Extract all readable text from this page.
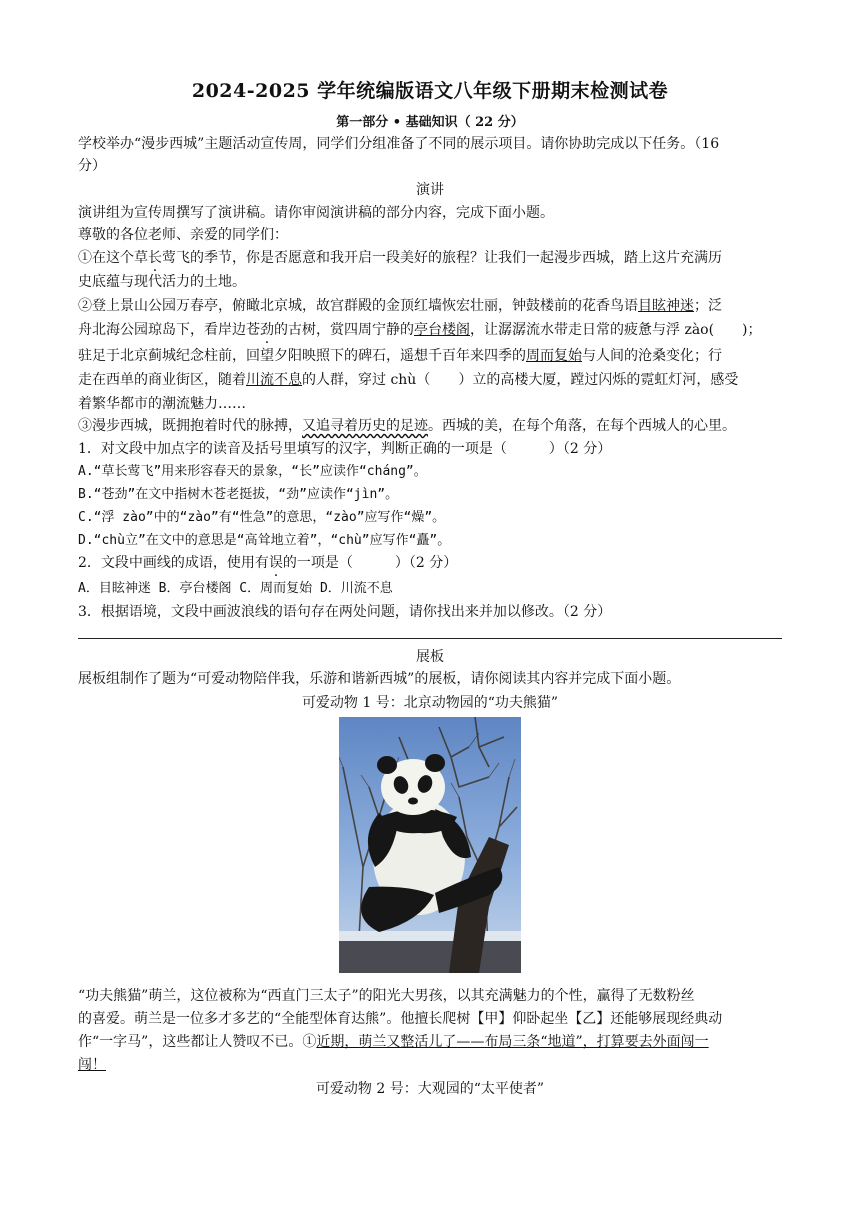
2024-2025 学年统编版语文八年级下册期末检测试卷
第一部分 • 基础知识（ 22 分）
学校举办“漫步西城”主题活动宣传周，同学们分组准备了不同的展示项目。请你协助完成以下任务。（16
分）
演讲
演讲组为宣传周撰写了演讲稿。请你审阅演讲稿的部分内容，完成下面小题。
尊敬的各位老师、亲爱的同学们：
①在这个草长莺飞的季节，你是否愿意和我开启一段美好的旅程？让我们一起漫步西城，踏上这片充满历
史底蕴与现代活力的土地。
②登上景山公园万春亭，俯瞰北京城，故宫群殿的金顶红墙恢宏壮丽，钟鼓楼前的花香鸟语目眩神迷；泛
舟北海公园琼岛下，看岸边苍劲的古树，赏四周宁静的亭台楼阁，让潺潺流水带走日常的疲惫与浮 zào(　　)；
驻足于北京蓟城纪念柱前，回望夕阳映照下的碑石，遥想千百年来四季的周而复始与人间的沧桑变化；行
走在西单的商业街区，随着川流不息的人群，穿过 chù（　　）立的高楼大厦，蹚过闪烁的霓虹灯河，感受
着繁华都市的潮流魅力……
③漫步西城，既拥抱着时代的脉搏，又追寻着历史的足迹。西城的美，在每个角落，在每个西城人的心里。
1．对文段中加点字的读音及括号里填写的汉字，判断正确的一项是（　　　）（2 分）
A.“草长莺飞”用来形容春天的景象，“长”应读作“cháng”。
B.“苍劲”在文中指树木苍老挺拔，“劲”应读作“jìn”。
C.“浮 zào”中的“zào”有“性急”的意思，“zào”应写作“燥”。
D.“chù立”在文中的意思是“高耸地立着”，“chù”应写作“矗”。
2．文段中画线的成语，使用有误的一项是（　　　）（2 分）
A．目眩神迷 B．亭台楼阁 C．周而复始 D．川流不息
3．根据语境，文段中画波浪线的语句存在两处问题，请你找出来并加以修改。（2 分）
展板
展板组制作了题为“可爱动物陪伴我，乐游和谐新西城”的展板，请你阅读其内容并完成下面小题。
可爱动物 1 号：北京动物园的“功夫熊猫”
“功夫熊猫”萌兰，这位被称为“西直门三太子”的阳光大男孩，以其充满魅力的个性，赢得了无数粉丝
的喜爱。萌兰是一位多才多艺的“全能型体育达熊”。他擅长爬树【甲】仰卧起坐【乙】还能够展现经典动
作“一字马”，这些都让人赞叹不已。①近期，萌兰又整活儿了——布局三条“地道”，打算要去外面闯一
闯！
可爱动物 2 号：大观园的“太平使者”
